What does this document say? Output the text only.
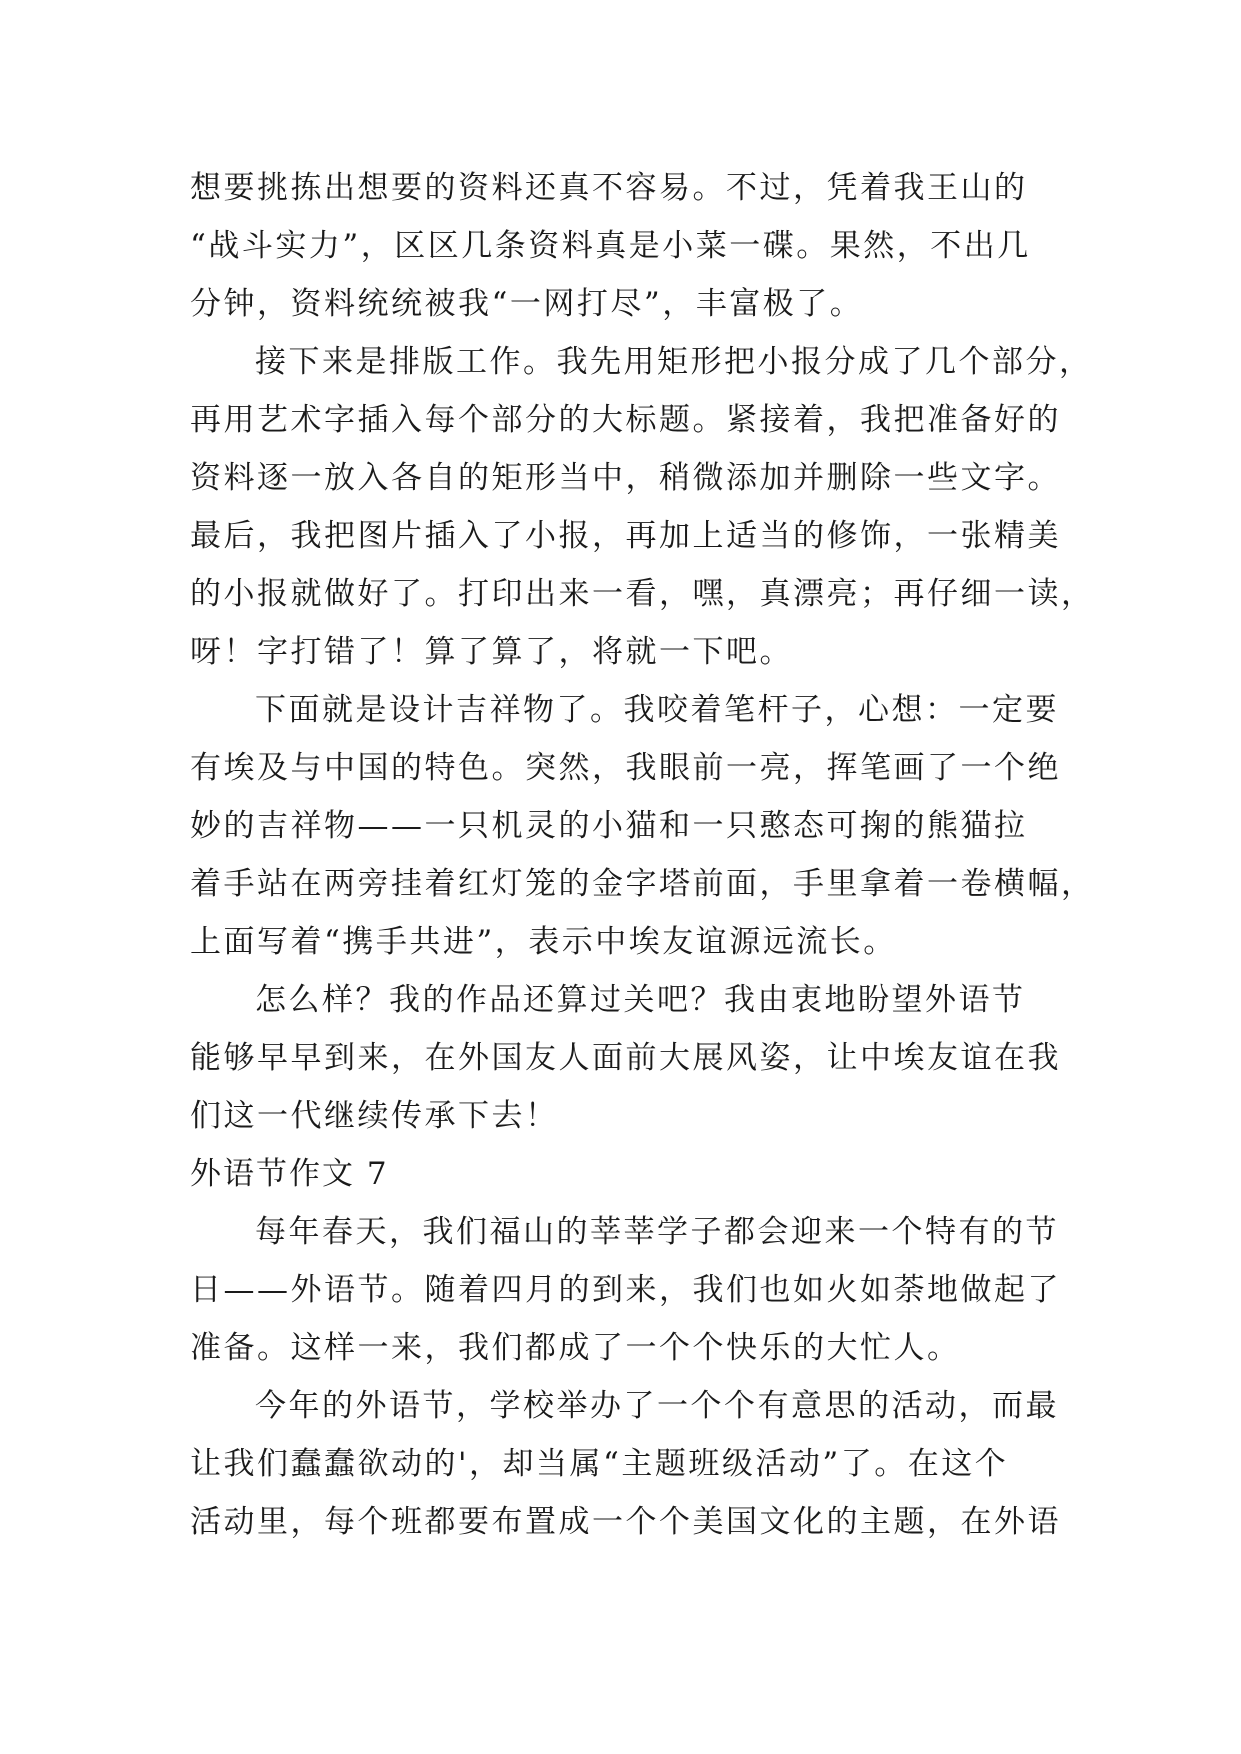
想要挑拣出想要的资料还真不容易。不过，凭着我王山的
“战斗实力”，区区几条资料真是小菜一碟。果然，不出几
分钟，资料统统被我“一网打尽”，丰富极了。
接下来是排版工作。我先用矩形把小报分成了几个部分，
再用艺术字插入每个部分的大标题。紧接着，我把准备好的
资料逐一放入各自的矩形当中，稍微添加并删除一些文字。
最后，我把图片插入了小报，再加上适当的修饰，一张精美
的小报就做好了。打印出来一看，嘿，真漂亮；再仔细一读，
呀！字打错了！算了算了，将就一下吧。
下面就是设计吉祥物了。我咬着笔杆子，心想：一定要
有埃及与中国的特色。突然，我眼前一亮，挥笔画了一个绝
妙的吉祥物——一只机灵的小猫和一只憨态可掬的熊猫拉
着手站在两旁挂着红灯笼的金字塔前面，手里拿着一卷横幅，
上面写着“携手共进”，表示中埃友谊源远流长。
怎么样？我的作品还算过关吧？我由衷地盼望外语节
能够早早到来，在外国友人面前大展风姿，让中埃友谊在我
们这一代继续传承下去！
外语节作文 7
每年春天，我们福山的莘莘学子都会迎来一个特有的节
日——外语节。随着四月的到来，我们也如火如荼地做起了
准备。这样一来，我们都成了一个个快乐的大忙人。
今年的外语节，学校举办了一个个有意思的活动，而最
让我们蠢蠢欲动的'，却当属“主题班级活动”了。在这个
活动里，每个班都要布置成一个个美国文化的主题，在外语
